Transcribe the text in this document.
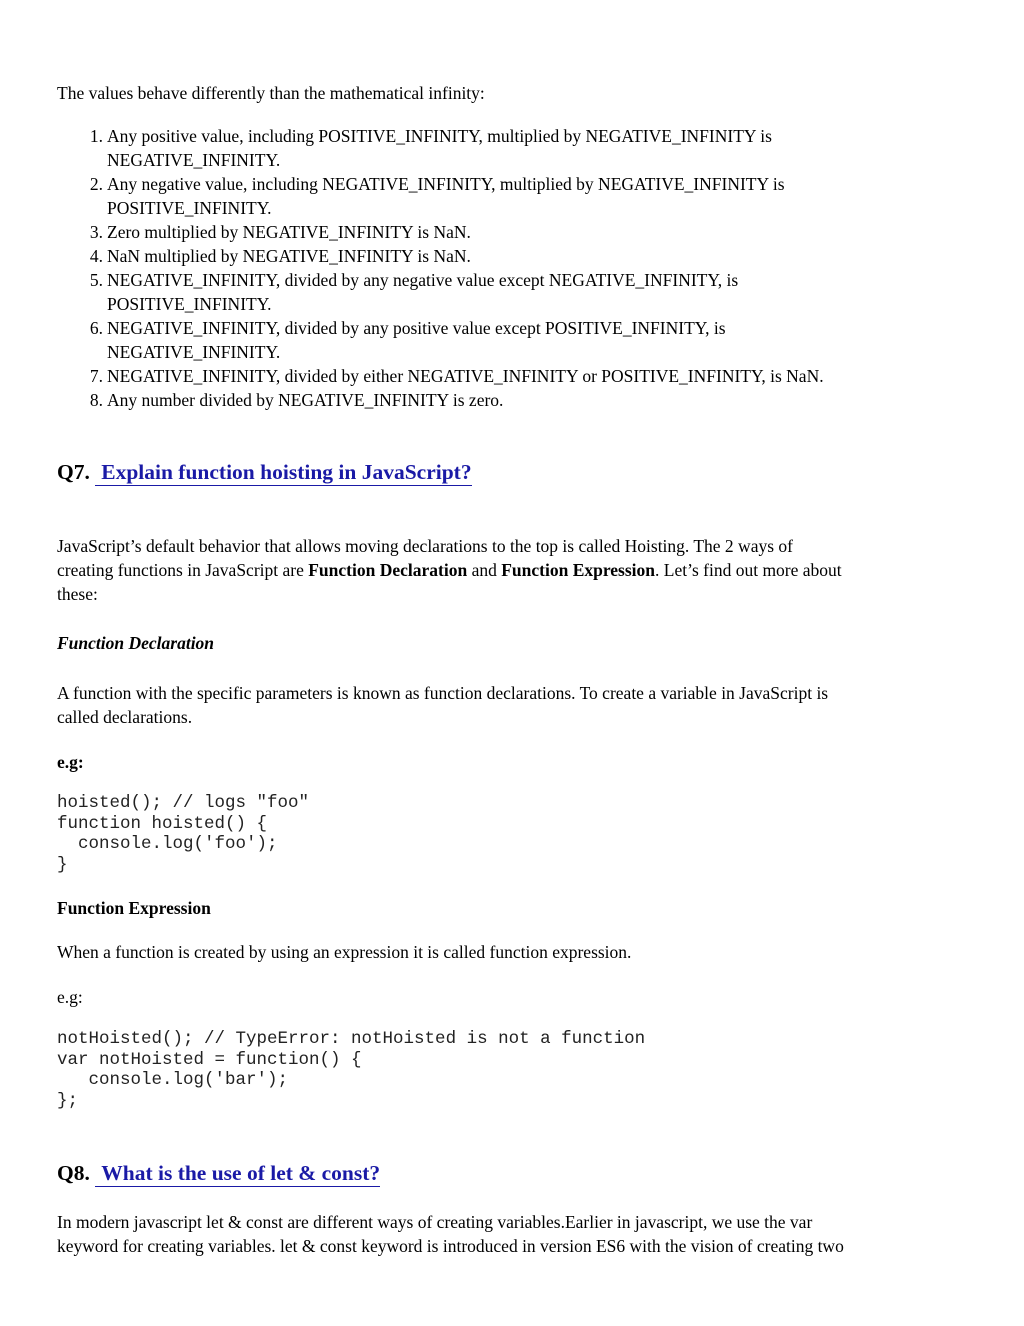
The values behave differently than the mathematical infinity:

1. Any positive value, including POSITIVE_INFINITY, multiplied by NEGATIVE_INFINITY is
NEGATIVE_INFINITY.
2. Any negative value, including NEGATIVE_INFINITY, multiplied by NEGATIVE_INFINITY is
POSITIVE_INFINITY.
3. Zero multiplied by NEGATIVE_INFINITY is NaN.
4. NaN multiplied by NEGATIVE_INFINITY is NaN.
5. NEGATIVE_INFINITY, divided by any negative value except NEGATIVE_INFINITY, is
POSITIVE_INFINITY.
6. NEGATIVE_INFINITY, divided by any positive value except POSITIVE_INFINITY, is
NEGATIVE_INFINITY.
7. NEGATIVE_INFINITY, divided by either NEGATIVE_INFINITY or POSITIVE_INFINITY, is NaN.
8. Any number divided by NEGATIVE_INFINITY is zero.
Q7. Explain function hoisting in JavaScript?

JavaScript’s default behavior that allows moving declarations to the top is called Hoisting. The 2 ways of
creating functions in JavaScript are Function Declaration and Function Expression. Let’s find out more about
these:

Function Declaration

A function with the specific parameters is known as function declarations. To create a variable in JavaScript is
called declarations.

e.g:

hoisted(); // logs "foo"
function hoisted() {
console.log('foo');
}

Function Expression

When a function is created by using an expression it is called function expression.

e.g:

notHoisted(); // TypeError: notHoisted is not a function
var notHoisted = function() {
console.log('bar');
};
Q8. What is the use of let & const?

In modern javascript let & const are different ways of creating variables.Earlier in javascript, we use the var
keyword for creating variables. let & const keyword is introduced in version ES6 with the vision of creating two
